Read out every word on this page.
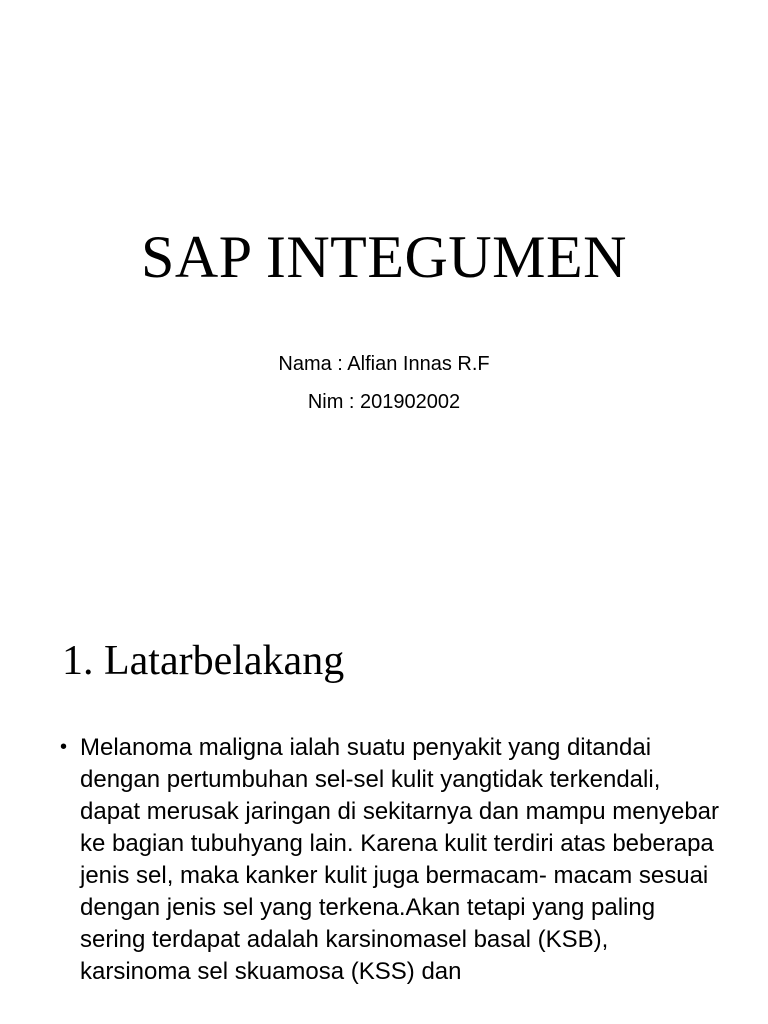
SAP INTEGUMEN
Nama : Alfian Innas R.F
Nim : 201902002
1. Latarbelakang
• Melanoma maligna ialah suatu penyakit yang ditandai dengan pertumbuhan sel-sel kulit yangtidak terkendali, dapat merusak jaringan di sekitarnya dan mampu menyebar ke bagian tubuhyang lain. Karena kulit terdiri atas beberapa jenis sel, maka kanker kulit juga bermacam- macam sesuai dengan jenis sel yang terkena.Akan tetapi yang paling sering terdapat adalah karsinomasel basal (KSB), karsinoma sel skuamosa (KSS) dan
